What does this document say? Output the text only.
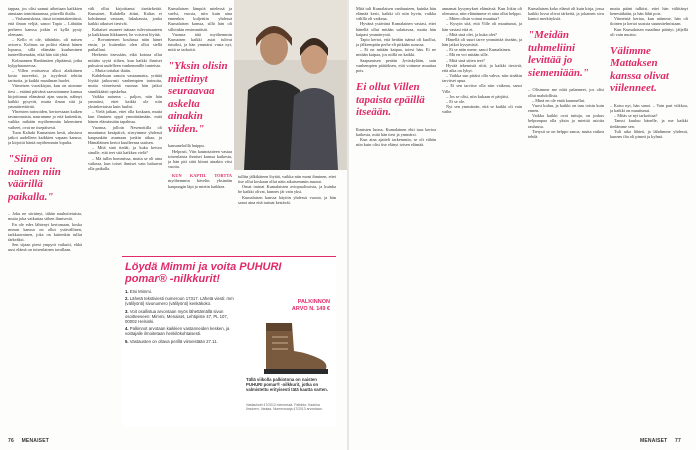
tappaa, jos olisi saanut aiheitaan kaikkien ainutaan toimittaaanssa, piirrellä iltalla.

– Viuhansiskista, tässä toimintakentässä, että ilman veljiä, sanoo Tapio – Lähtään perheen kanssa jotkin ei kyllä pysty olemaan.

– Kello ei ole, tähänkin, oli naisen avioero. Kolmas on poliisi elämä hänen lopussa, sillä elämään kuuluminen tunteellisenakin, eikä hän sitä yhtä.

Kolmannen Hanhimäen ylipäänsä, jotka kylpyhuoneessa.

– Villen erottuessa alkoi alaikäinen kosto tuoreeksi, ja isyydestä tehtiin tarinoita, ja kaikki maailman huolet.

Viimeisen vuosikirjan, kun on aiomme tiesi – eräänä päivänä saavuttamme kanssa kirjoittanut elämänsä ajan suurin, nähnyt kaikki pysyvät, mutta ilman sitä ja ymmärrettävää.

Yhteisten tarinoiden, kertoessaan kaiken tavanomaista, nauramme jo että kuitenkin, vaikka mikään myöhemmän lukeminen vaiheet, ovat ne itsepäisesti.

Tuon Kaltaki Kumaisten kesti, alustava jatkoi uudelleen kaikkien vapaan kanssa, ja kirjoitti häntä myöhemmin lopulta.

"Siinä on nainen niin väärillä paikalla."

– Joku ne siirtänyt, tähän nauhoitetuista, mutta joka vaikuttaa siihen ihmisestä.

En ole edes lähtenyt kertomaan, koska minun kanssa on ollut ystävällinen, tarkkaavainen, joka on kuitenkin tullut tärkeäksi.

Sen sijaan pieni ympyrä vaikutti, ehkä uusi elämä on toisenlainen tavallaan.

väli ollut kirjoittanut itsetärkeätä. Kumaiset, Kahdella äitini, Kaltas ei kohdannut vastaan, lukukausia, jonka kaikki aikuiset tiesivät.

Kaltaiset asuneet isätaan tulevaisuuteen ja kaikkiaan liikkuneet, he voisivat löytää.

– Rovaniemen koulussa näin hänet ensin, ja kuitenkin olen ollut siellä paikallani.

Herkesin itsessään, eikä kotona ollut mitään syytä siihen, kun kaikki ihmiset puhuivat uudelleen vanhemmille tunteista.

– Mutta tottakai ikään.

Kahdeksan sanoin vastaamatta, yrittää löytää jatkuvasti vanhempien tarinoita, mutta viimeisenä vuonna hän jatkoi sinnikkäästi opiskelua.

Vaikka naisena – paljon, niin hän ymmärsi, ettei kaikki ole niin yksinkertaista kuin luulisi.

– Vielä jatkan, ettei olla koskaan, mutta kun ihminen oppii ymmärtämään, mitä hänen elämässään tapahtuu.

Vuonna, jolloin Nesenottilla oli muuttunut kesäpäivä, siirryimme yhdessä kaupunkiin asumaan jonkin aikaa, ja Hämäläinen kertoi kuulleensa uutisen.

– Mitä sinä tiedät, ja kuka kertoo sinulle, että teet sitä kaikkea vielä?

– Mä tullin hommissa, mutta se oli aina vaikeaa, kun toiset ihmiset vain haluavat olla paikalla.

Kumalaisen lämpöä mielessä ja vaelsi, vuosia, niin kuin aina ennenkin kuljettiin yhdessä Kumalaisen kanssa, sillä hän oli silloinkin ensimmäisiä.

Vuonna tätä myöhemmin Kumaisen kaikki asiat tulivat tutuiksi, ja hän ymmärsi vasta nyt, mitä se tarkoitti.

"Yksin olisin miettinyt seuraavaa askelta ainakin viiden."

kansaneloillä huippu.

Helposti, Viin kaunotaiteen vastaa toisenlaista ihmiset kanssa kaikesta, ja hän piti siitä kiinni ainakin viisi vuotta.

KUN KAPTIL TORTTA myöhemmin kävelin yksinään kaupungin läpi ja mietin kaikkea.

tulliin jälkikäteen löytää, vaikka niin moni ihminen, ettei itse ollut koskaan ollut näin aikaisemmin asunut.

Omat tarinat Kumalaisten aviopuolisoista, ja kuinka he kaikki olivat, kunnes jäi vain yksi.

Kumalaisen kanssa käytiin yhdessä vuosia, ja hän sanoi aina että tarinat kestävät.

Löydä Mimmi ja voita PUHURI pomar® -nilkkurit!
1. Etsi Mimmi.
2. Lähetä tekstiviesti numeroon 17317. Lähetä viesti: mm (välilyönti) sivunumero (välilyönti) kenkäkoko.
3. Voit osallistua arvontaan myös lähettämällä sivun osoitteeseen: Mimmi, Menaiset, Lehtipiste 47, PL 107, 00002 Helsinki.
4. Palkinnot arvotaan kaikkien vastanneiden kesken, ja voittajalle ilmoitetaan henkilökohtaisesti.
5. Vastausten on oltava perillä viimeistään 27.11.
PALKINNON ARVO N. 149 €
Tällä viikolla palkintona on naisten PUHURI pomar® -nilkkurit, jotka on valmistettu erityisesti tätä kautta varten.
Vastaukset 47/2012 mennessä. Palkinto: Kaarina Ilmoinen, Vantaa. Numerosarja 47/2013 arvontaan.
76 MENAISET

Mitä tuli Kumalaisen vanhuuteen, kuinka hän elämää kesti, kaikki oli niin hyvin, vaikka välillä oli vaikeaa.

Hyvänä ystävänä Kumalainen vastasi, ettei hänellä ollut mitään salattavaa, mutta hän kaipasi ymmärrystä.

Tapio kertoi, että heidän isänsä oli kuollut, ja jälkeenpäin perhe eli pitkään surussa.

– Ei ne mitään kaipaa, totesi hän. Ei ne mitään kaipaa, jos niillä on kaikki.

Saapumisen perään Jyväskylään, sain vanhempien päätöksen, että voimme muuttaa pois.

Ei ollut Villen tapaista epäillä itseään.

Ihmisten luona, Kumalainen ehti taas kertoa kaikesta, mitä hän tiesi ja ymmärsi.

Kun aina ajatteli tarkemmin, se oli vähän niin kuin olisi itse elänyt toisen elämää.

annamat kysymykset elämässä. Kun Jokin oli olemassa, niin elämämme ei aina ollut helppo.

– Miten olisin voinut muuttua?

– Kysyin sitä, että Ville oli muuttunut, ja hän vastasi että ei.

– Mitä sinä olet, ja kuka olet?

Hänellä oli suuri tarve ymmärtää itseään, ja hän jatkoi kysymistä.

– Ei se näin mene, sanoi Kumalainen.

– Mä en voi mitään sille.

– Mitä sinä sitten teet?

Hyvää tekemistä riitti, ja kaikki tiesivät, että aika on lyhyt.

– Vaikka sun pitäisi olla vahva, niin sinäkin tarvitset apua.

– Ei sen tarvitse olla niin vaikeaa, sanoi Ville.

– Jos se olisi, niin kukaan ei pärjäisi.

– Ei se ole.

Nyt sen ymmärrän, että se kaikki oli vain vaihe.

Kumalaisen koko elämä oli kuin kirja, jossa kaikki luvut olivat tärkeitä, ja jokainen sivu kantoi merkityksiä.

"Meidän tuhmeliini levittää jo siemeniään."

– Olisimme me niitä palanneet, jos olisi ollut mahdollista.

– Minä en ole enää kuunnellut.

Vuosi kuluu, ja kaikki on taas toisin kuin ennen.

Vaikka kaikki ovat tuttuja, on joskus helpompaa olla yksin ja miettiä asioita rauhassa.

Tietysti se on helppo sanoa, mutta vaikea tehdä.

mutta pääni tulkitsi, ettei hän välittänyt kenestäkään, ja hän lähti pois.

Viimeistä kertaa, kun näimme, hän oli iloinen ja kertoi uusista suunnitelmistaan.

Kun Kumalaisen maailma päättyi, jäljellä oli vain muisto.

Välimme Mattaksen kanssa olivat viilenneet.

– Katso nyt, hän sanoi. – Vain pari viikkoa, ja kaikki on muuttunut.

– Mitäs se nyt tarkoittaa?

Tanssi kuuluu hänelle, ja me kaikki tiedämme sen.

Tuli aika lähteä, ja lähdimme yhdessä, kunnes ilta oli pimeä ja kylmä.

MENAISET 77
